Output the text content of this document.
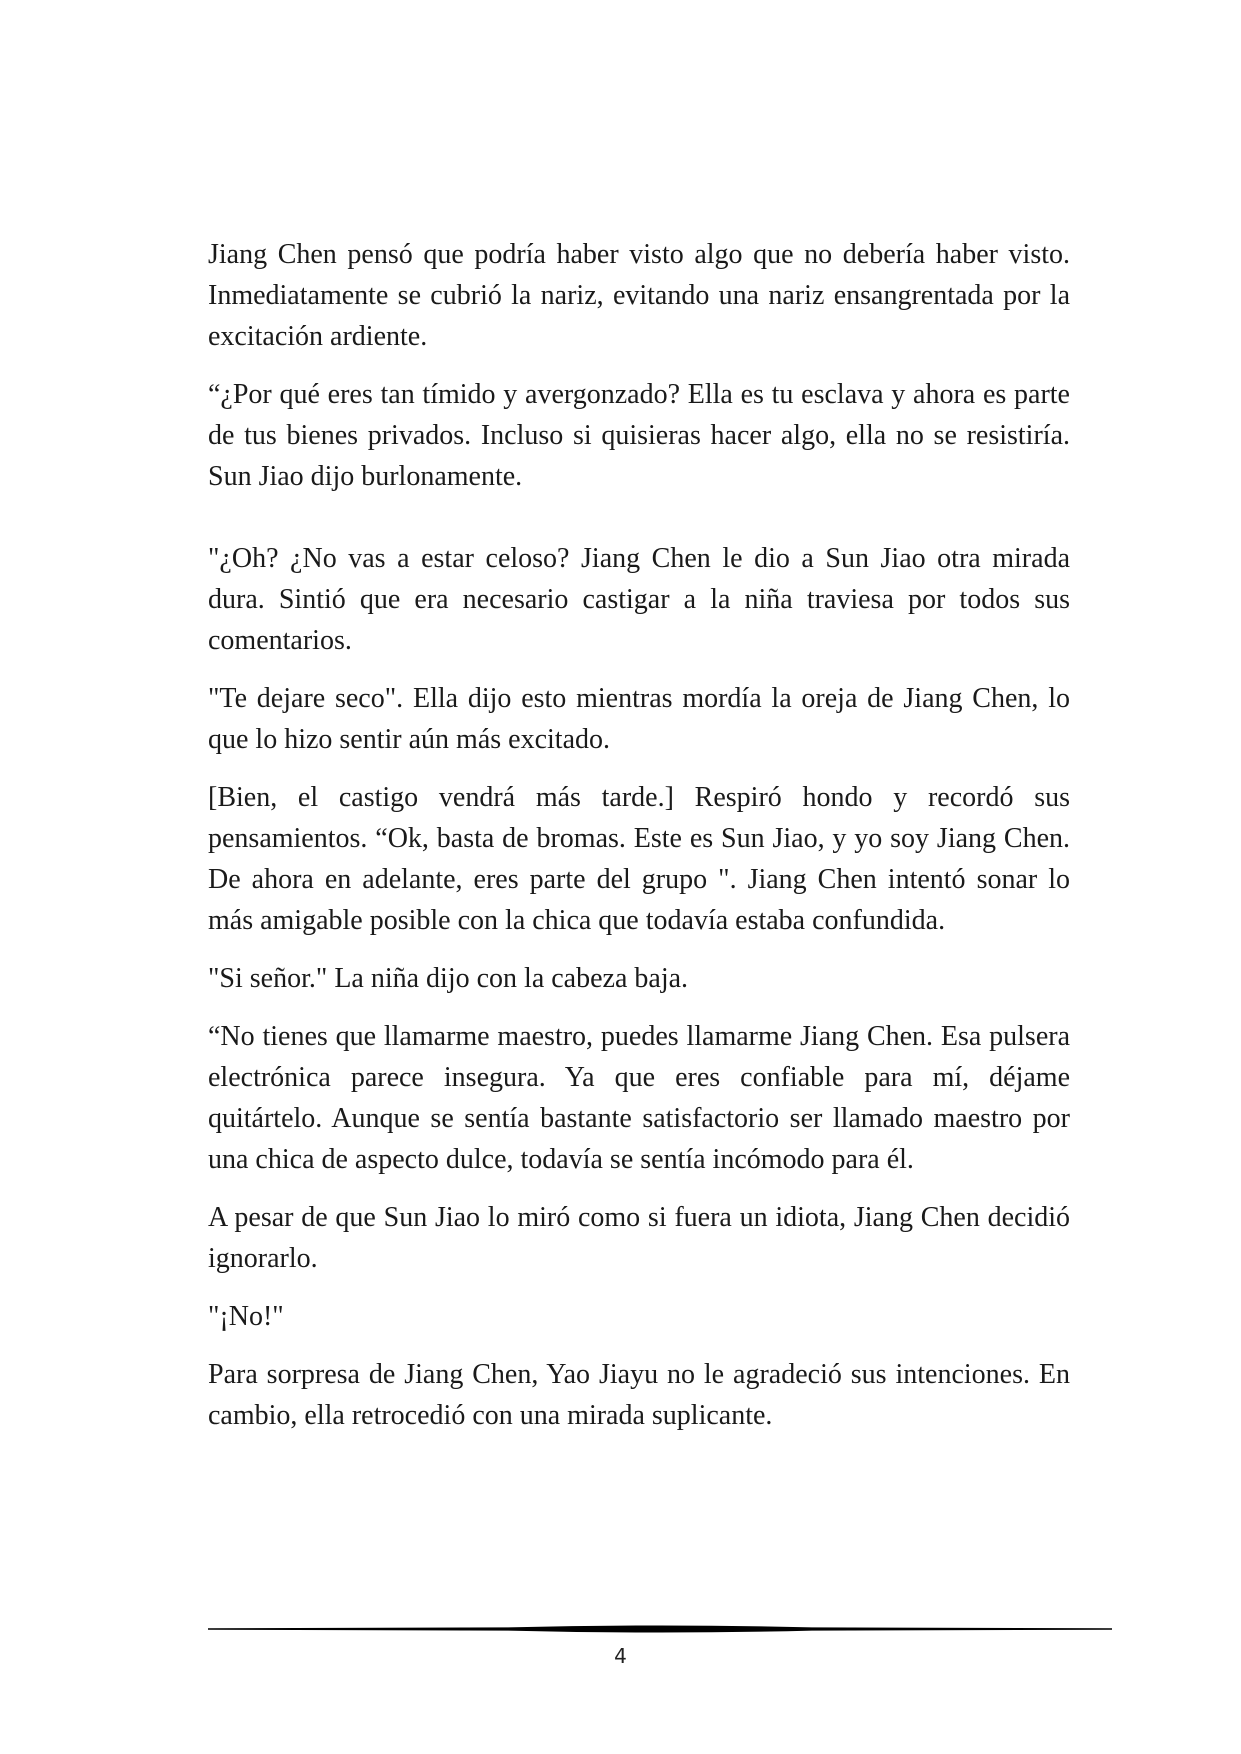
Jiang Chen pensó que podría haber visto algo que no debería haber visto. Inmediatamente se cubrió la nariz, evitando una nariz ensangrentada por la excitación ardiente.

“¿Por qué eres tan tímido y avergonzado? Ella es tu esclava y ahora es parte de tus bienes privados. Incluso si quisieras hacer algo, ella no se resistiría. Sun Jiao dijo burlonamente.

"¿Oh? ¿No vas a estar celoso? Jiang Chen le dio a Sun Jiao otra mirada dura. Sintió que era necesario castigar a la niña traviesa por todos sus comentarios.

"Te dejare seco". Ella dijo esto mientras mordía la oreja de Jiang Chen, lo que lo hizo sentir aún más excitado.

[Bien, el castigo vendrá más tarde.] Respiró hondo y recordó sus pensamientos. “Ok, basta de bromas. Este es Sun Jiao, y yo soy Jiang Chen. De ahora en adelante, eres parte del grupo ". Jiang Chen intentó sonar lo más amigable posible con la chica que todavía estaba confundida.

"Si señor." La niña dijo con la cabeza baja.

“No tienes que llamarme maestro, puedes llamarme Jiang Chen. Esa pulsera electrónica parece insegura. Ya que eres confiable para mí, déjame quitártelo. Aunque se sentía bastante satisfactorio ser llamado maestro por una chica de aspecto dulce, todavía se sentía incómodo para él.

A pesar de que Sun Jiao lo miró como si fuera un idiota, Jiang Chen decidió ignorarlo.

"¡No!"

Para sorpresa de Jiang Chen, Yao Jiayu no le agradeció sus intenciones. En cambio, ella retrocedió con una mirada suplicante.

4
